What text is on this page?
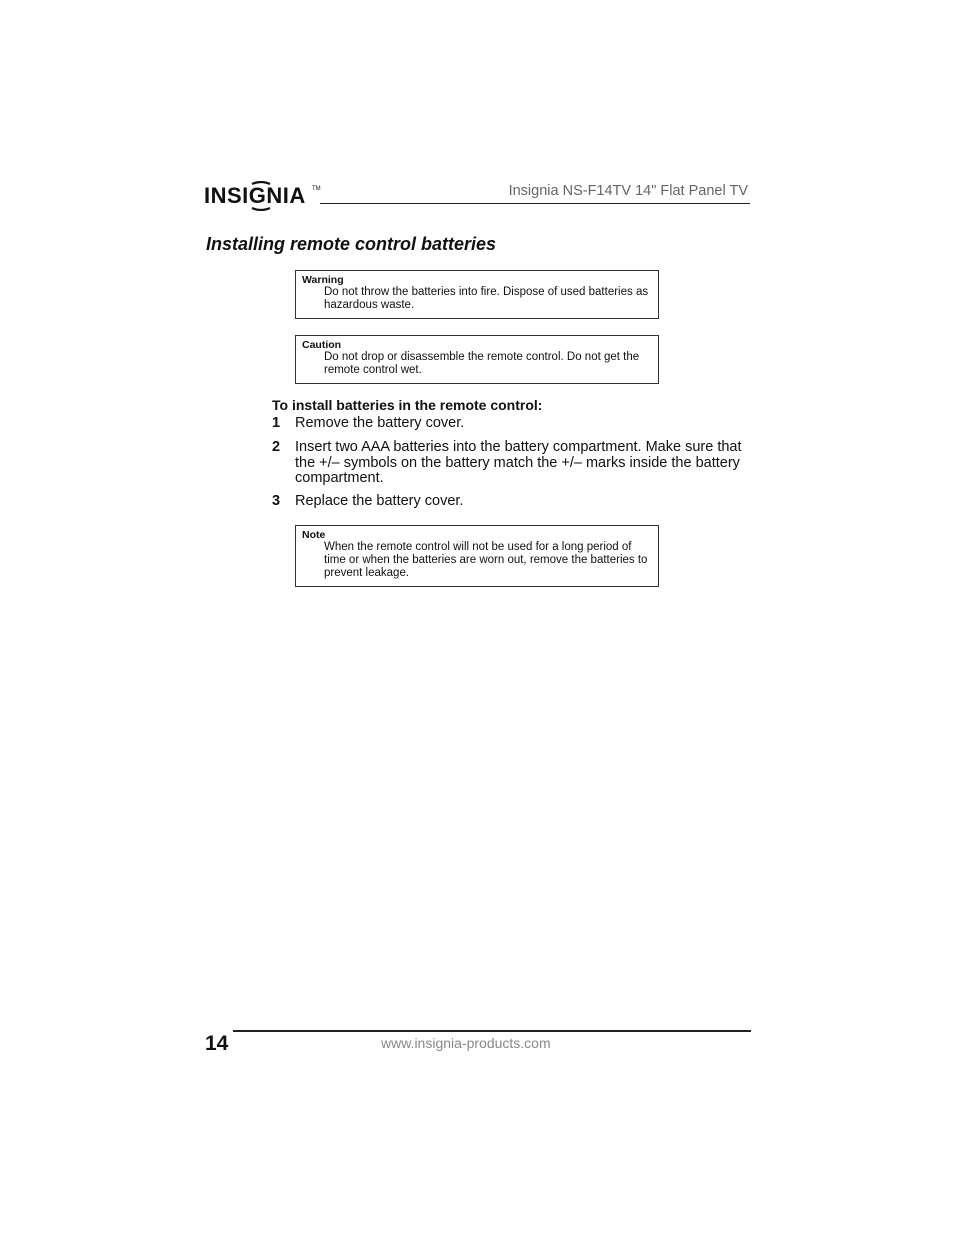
INSIGNIA TM	Insignia NS-F14TV 14" Flat Panel TV
Installing remote control batteries
Warning
Do not throw the batteries into fire. Dispose of used batteries as hazardous waste.
Caution
Do not drop or disassemble the remote control. Do not get the remote control wet.
To install batteries in the remote control:
1 Remove the battery cover.
2 Insert two AAA batteries into the battery compartment. Make sure that the +/– symbols on the battery match the +/– marks inside the battery compartment.
3 Replace the battery cover.
Note
When the remote control will not be used for a long period of time or when the batteries are worn out, remove the batteries to prevent leakage.
14	www.insignia-products.com
